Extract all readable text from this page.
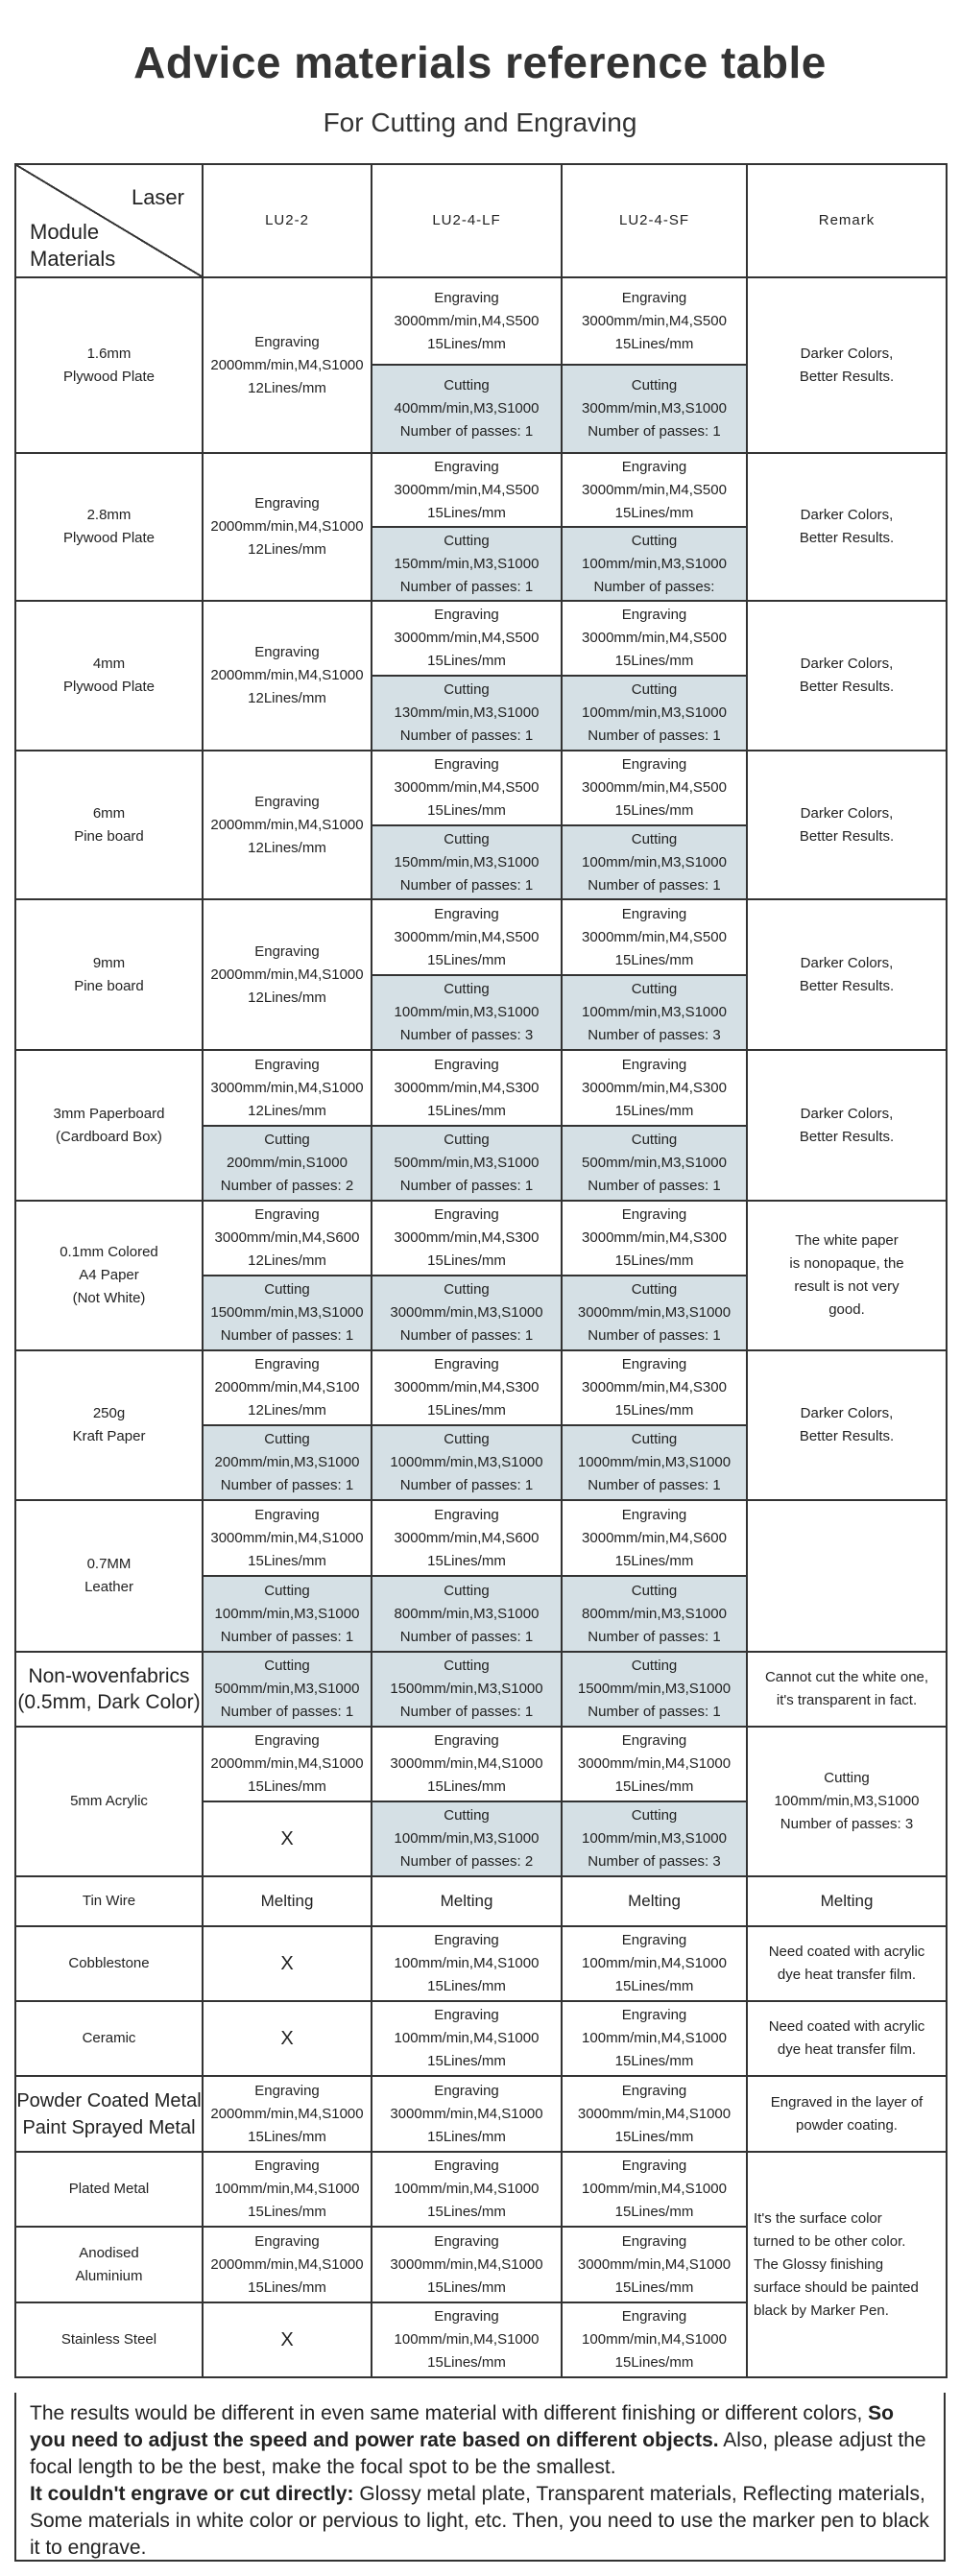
Advice materials reference table
For Cutting and Engraving

Laser

Module
Materials	LU2-2	LU2-4-LF	LU2-4-SF	Remark
1.6mm
Plywood Plate	Engraving
2000mm/min,M4,S1000
12Lines/mm	Engraving
3000mm/min,M4,S500
15Lines/mm	Engraving
3000mm/min,M4,S500
15Lines/mm	Darker Colors,
Better Results.
		Cutting
400mm/min,M3,S1000
Number of passes: 1	Cutting
300mm/min,M3,S1000
Number of passes: 1	
2.8mm
Plywood Plate	Engraving
2000mm/min,M4,S1000
12Lines/mm	Engraving
3000mm/min,M4,S500
15Lines/mm	Engraving
3000mm/min,M4,S500
15Lines/mm	Darker Colors,
Better Results.
		Cutting
150mm/min,M3,S1000
Number of passes: 1	Cutting
100mm/min,M3,S1000
Number of passes:	
4mm
Plywood Plate	Engraving
2000mm/min,M4,S1000
12Lines/mm	Engraving
3000mm/min,M4,S500
15Lines/mm	Engraving
3000mm/min,M4,S500
15Lines/mm	Darker Colors,
Better Results.
		Cutting
130mm/min,M3,S1000
Number of passes: 1	Cutting
100mm/min,M3,S1000
Number of passes: 1	
6mm
Pine board	Engraving
2000mm/min,M4,S1000
12Lines/mm	Engraving
3000mm/min,M4,S500
15Lines/mm	Engraving
3000mm/min,M4,S500
15Lines/mm	Darker Colors,
Better Results.
		Cutting
150mm/min,M3,S1000
Number of passes: 1	Cutting
100mm/min,M3,S1000
Number of passes: 1	
9mm
Pine board	Engraving
2000mm/min,M4,S1000
12Lines/mm	Engraving
3000mm/min,M4,S500
15Lines/mm	Engraving
3000mm/min,M4,S500
15Lines/mm	Darker Colors,
Better Results.
		Cutting
100mm/min,M3,S1000
Number of passes: 3	Cutting
100mm/min,M3,S1000
Number of passes: 3	
3mm Paperboard
(Cardboard Box)	Engraving
3000mm/min,M4,S1000
12Lines/mm	Engraving
3000mm/min,M4,S300
15Lines/mm	Engraving
3000mm/min,M4,S300
15Lines/mm	Darker Colors,
Better Results.
	Cutting
200mm/min,S1000
Number of passes: 2	Cutting
500mm/min,M3,S1000
Number of passes: 1	Cutting
500mm/min,M3,S1000
Number of passes: 1	
0.1mm Colored
A4 Paper
(Not White)	Engraving
3000mm/min,M4,S600
12Lines/mm	Engraving
3000mm/min,M4,S300
15Lines/mm	Engraving
3000mm/min,M4,S300
15Lines/mm	The white paper
is nonopaque, the
result is not very
good.
	Cutting
1500mm/min,M3,S1000
Number of passes: 1	Cutting
3000mm/min,M3,S1000
Number of passes: 1	Cutting
3000mm/min,M3,S1000
Number of passes: 1	
250g
Kraft Paper	Engraving
2000mm/min,M4,S100
12Lines/mm	Engraving
3000mm/min,M4,S300
15Lines/mm	Engraving
3000mm/min,M4,S300
15Lines/mm	Darker Colors,
Better Results.
	Cutting
200mm/min,M3,S1000
Number of passes: 1	Cutting
1000mm/min,M3,S1000
Number of passes: 1	Cutting
1000mm/min,M3,S1000
Number of passes: 1	
0.7MM
Leather	Engraving
3000mm/min,M4,S1000
15Lines/mm	Engraving
3000mm/min,M4,S600
15Lines/mm	Engraving
3000mm/min,M4,S600
15Lines/mm	
	Cutting
100mm/min,M3,S1000
Number of passes: 1	Cutting
800mm/min,M3,S1000
Number of passes: 1	Cutting
800mm/min,M3,S1000
Number of passes: 1	
Non-wovenfabrics
(0.5mm, Dark Color)	Cutting
500mm/min,M3,S1000
Number of passes: 1	Cutting
1500mm/min,M3,S1000
Number of passes: 1	Cutting
1500mm/min,M3,S1000
Number of passes: 1	Cannot cut the white one,
it's transparent in fact.
5mm Acrylic	Engraving
2000mm/min,M4,S1000
15Lines/mm	Engraving
3000mm/min,M4,S1000
15Lines/mm	Engraving
3000mm/min,M4,S1000
15Lines/mm	Cutting
100mm/min,M3,S1000
Number of passes: 3
	X	Cutting
100mm/min,M3,S1000
Number of passes: 2	Cutting
100mm/min,M3,S1000
Number of passes: 3	
Tin Wire	Melting	Melting	Melting	Melting
Cobblestone	X	Engraving
100mm/min,M4,S1000
15Lines/mm	Engraving
100mm/min,M4,S1000
15Lines/mm	Need coated with acrylic
dye heat transfer film.
Ceramic	X	Engraving
100mm/min,M4,S1000
15Lines/mm	Engraving
100mm/min,M4,S1000
15Lines/mm	Need coated with acrylic
dye heat transfer film.
Powder Coated Metal
Paint Sprayed Metal	Engraving
2000mm/min,M4,S1000
15Lines/mm	Engraving
3000mm/min,M4,S1000
15Lines/mm	Engraving
3000mm/min,M4,S1000
15Lines/mm	Engraved in the layer of
powder coating.
Plated Metal	Engraving
100mm/min,M4,S1000
15Lines/mm	Engraving
100mm/min,M4,S1000
15Lines/mm	Engraving
100mm/min,M4,S1000
15Lines/mm	It's the surface color
turned to be other color.
The Glossy finishing
surface should be painted
black by Marker Pen.
Anodised
Aluminium	Engraving
2000mm/min,M4,S1000
15Lines/mm	Engraving
3000mm/min,M4,S1000
15Lines/mm	Engraving
3000mm/min,M4,S1000
15Lines/mm	
Stainless Steel	X	Engraving
100mm/min,M4,S1000
15Lines/mm	Engraving
100mm/min,M4,S1000
15Lines/mm	
The results would be different in even same material with different finishing or different colors, So you need to adjust the speed and power rate based on different objects. Also, please adjust the focal length to be the best, make the focal spot to be the smallest.
It couldn't engrave or cut directly: Glossy metal plate, Transparent materials, Reflecting materials, Some materials in white color or pervious to light, etc. Then, you need to use the marker pen to black it to engrave.
